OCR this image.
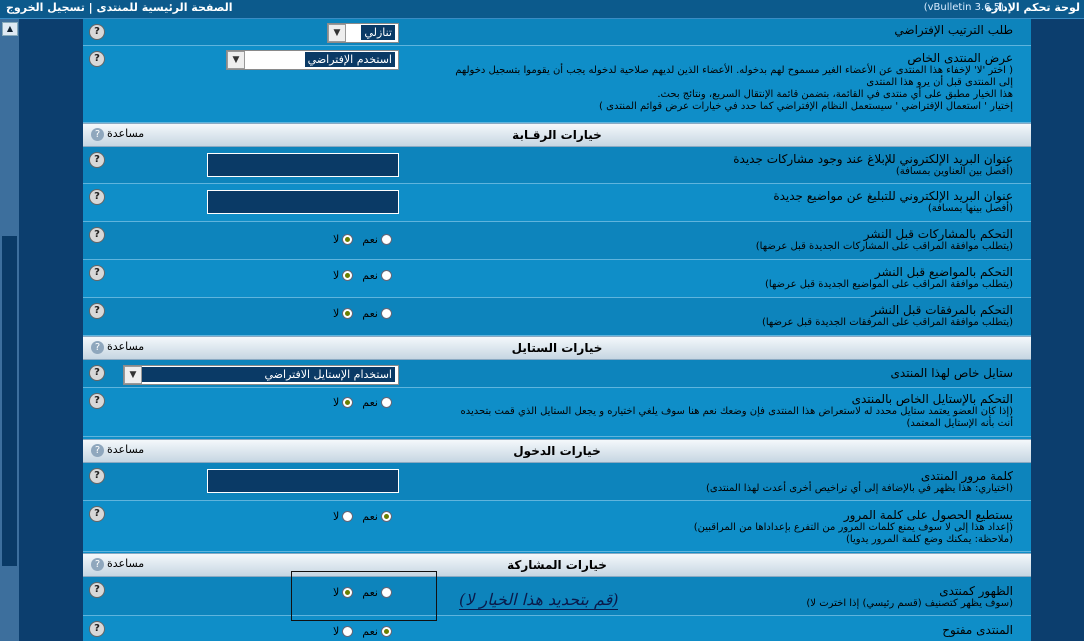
لوحة تحكم الإدارة
(vBulletin 3.6.5)
الصفحة الرئيسية للمنتدى | تسجيل الخروج
▲	?	▼	تنازلي	طلب الترتيب الإفتراضي
?	▼	استخدم الإفتراضي	عرض المنتدى الخاص
( اختر 'لا' لإخفاء هذا المنتدى عن الأعضاء الغير مسموح لهم بدخوله. الأعضاء الذين لديهم صلاحية لدخوله يجب أن يقوموا بتسجيل دخولهم
إلى المنتدى قبل أن يرو هذا المنتدى
هذا الخيار مطبق على أي منتدى في القائمة، بتضمن قائمة الإنتقال السريع، ونتائج بحث.
إختيار ' استعمال الإفتراضي ' سيستعمل النظام الإفتراضي كما حدد في خيارات عرض قوائم المنتدى )
? مساعدة	خيارات الرقـابة
?	عنوان البريد الإلكتروني للإبلاغ عند وجود مشاركات جديدة
(أفصل بين العناوين بمسافة)
?	عنوان البريد الإلكتروني للتبليغ عن مواضيع جديدة
(أفصل بينها بمسافة)
?	لا نعم	التحكم بالمشاركات قبل النشر
(يتطلب موافقة المراقب على المشاركات الجديدة قبل عرضها)
?	لا نعم	التحكم بالمواضيع قبل النشر
(يتطلب موافقة المراقب على المواضيع الجديدة قبل عرضها)
?	لا نعم	التحكم بالمرفقات قبل النشر
(يتطلب موافقة المراقب على المرفقات الجديدة قبل عرضها)
? مساعدة	خيارات الستايل
?	▼	استخدام الإستايل الافتراضي	ستايل خاص لهذا المنتدى
?	لا نعم	التحكم بالإستايل الخاص بالمنتدى
(إذا كان العضو يعتمد ستايل محدد له لاستعراض هذا المنتدى فإن وضعك نعم هنا سوف يلغي اختياره و يجعل الستايل الذي قمت بتحديده
أنت بأنه الإستايل المعتمد)
? مساعدة	خيارات الدخول
?	كلمة مرور المنتدى
(اختياري: هذا يظهر في بالإضافة إلى أي تراخيص أخرى أعدت لهذا المنتدى)
?	لا نعم	يستطيع الحصول على كلمة المرور
(إعداد هذا إلى لا سوف يمنع كلمات المرور من التفرع بإعداداها من المراقبين)
(ملاحظة: يمكنك وضع كلمة المرور يدويا)
? مساعدة	خيارات المشاركة
?	لا نعم	الظهور كمنتدى
(سوف يظهر كتصنيف (قسم رئيسي) إذا اخترت لا)
?	لا نعم	المنتدى مفتوح
(قم بتحديد هذا الخيار لا)
